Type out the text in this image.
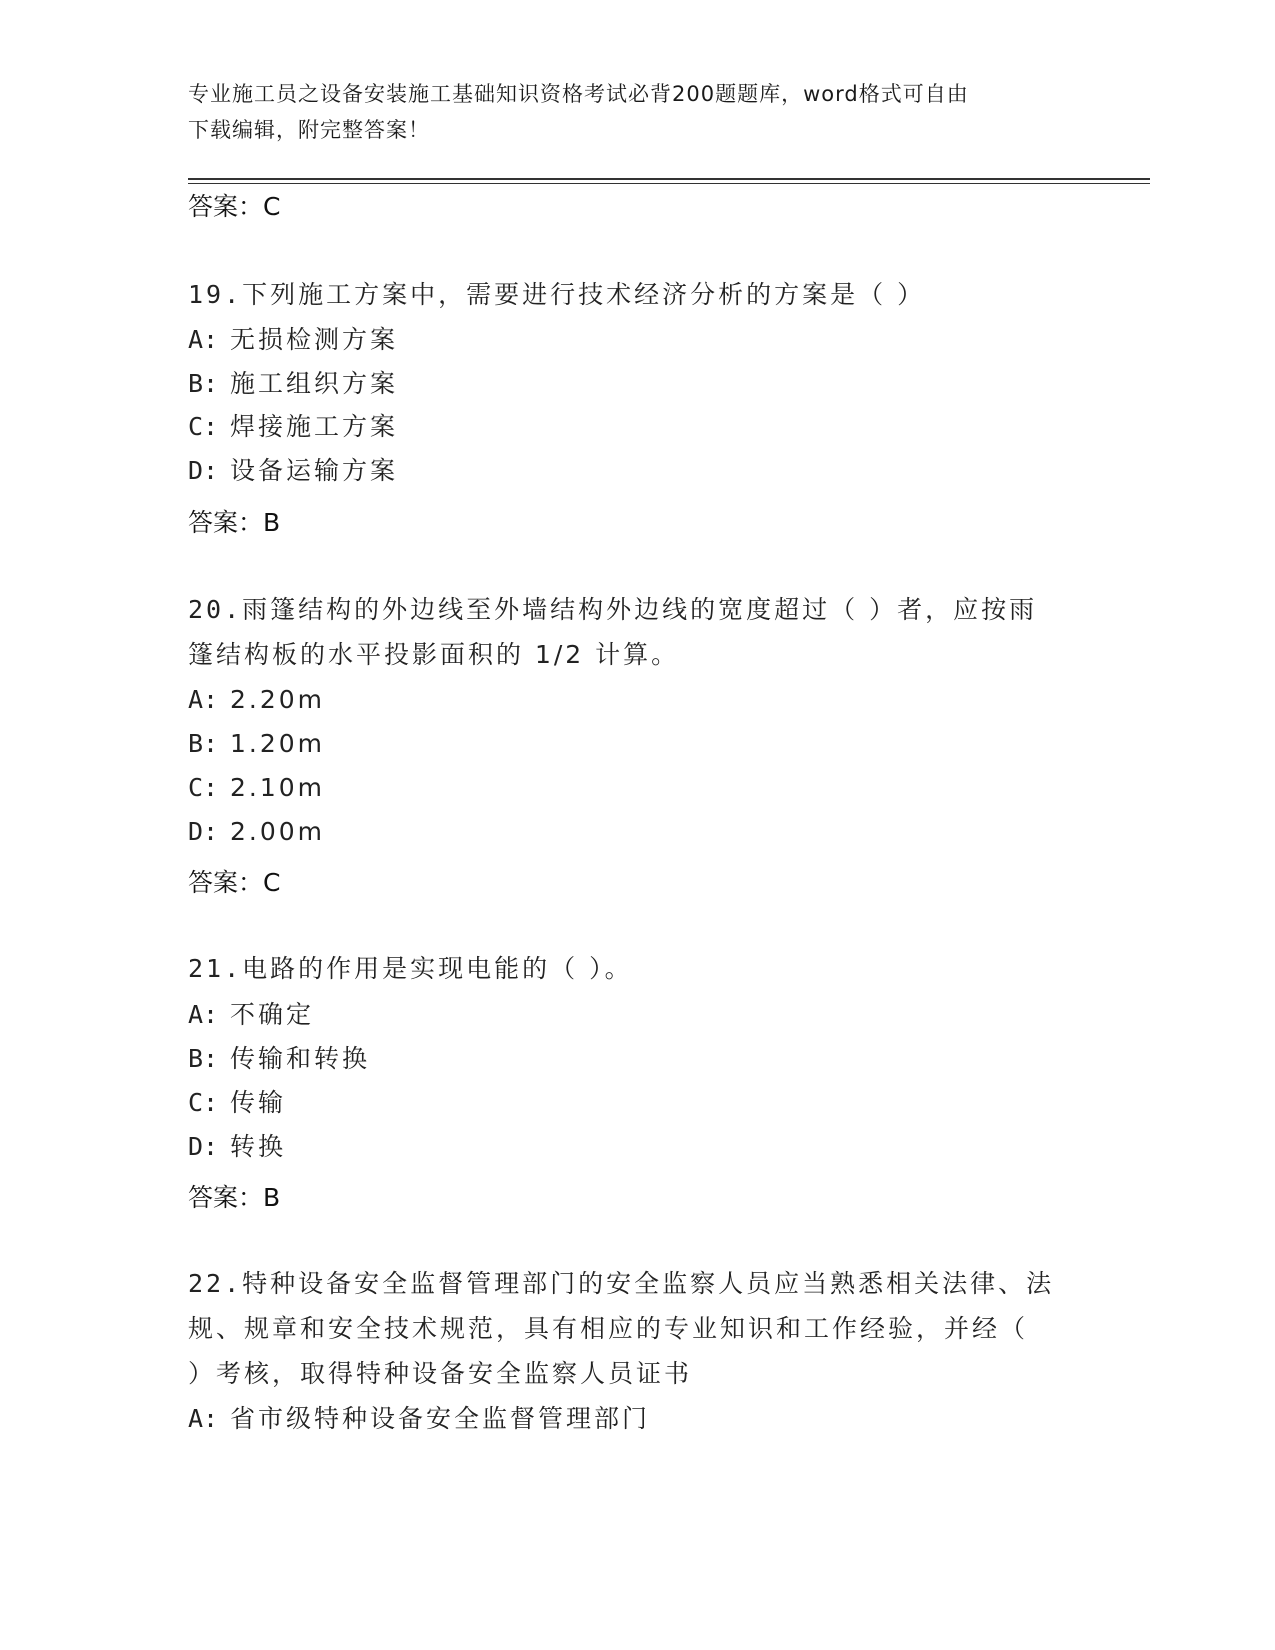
专业施工员之设备安装施工基础知识资格考试必背200题题库，word格式可自由
下载编辑，附完整答案！
答案：C
19.下列施工方案中，需要进行技术经济分析的方案是（ ）
A: 无损检测方案
B: 施工组织方案
C: 焊接施工方案
D: 设备运输方案
答案：B
20.雨篷结构的外边线至外墙结构外边线的宽度超过（ ）者，应按雨
篷结构板的水平投影面积的 1/2 计算。
A: 2.20m
B: 1.20m
C: 2.10m
D: 2.00m
答案：C
21.电路的作用是实现电能的（ ）。
A: 不确定
B: 传输和转换
C: 传输
D: 转换
答案：B
22.特种设备安全监督管理部门的安全监察人员应当熟悉相关法律、法
规、规章和安全技术规范，具有相应的专业知识和工作经验，并经（
）考核，取得特种设备安全监察人员证书
A: 省市级特种设备安全监督管理部门
